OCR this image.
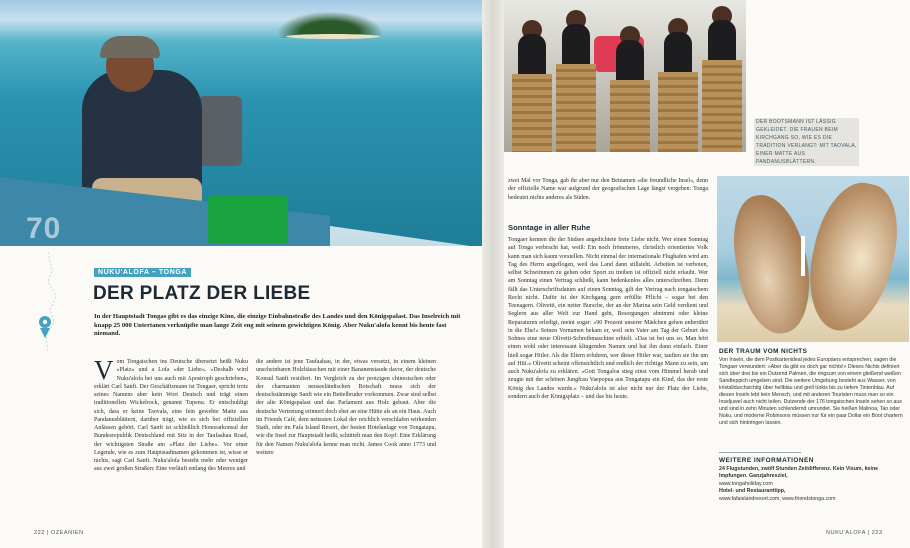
70
DER BOOTSMANN IST LÄSSIG GEKLEIDET. DIE FRAUEN BEIM KIRCHGANG SO, WIE ES DIE TRADITION VERLANGT: MIT TAOVALA, EINER MATTE AUS PANDANUSBLÄTTERN.
NUKU'ALOFA – TONGA
DER PLATZ DER LIEBE
In der Hauptstadt Tongas gibt es das einzige Kino, die einzige Einbahnstraße des Landes und den Königspalast. Das Inselreich mit knapp 25 000 Untertanen verknüpfte man lange Zeit eng mit seinem gewichtigen König. Aber Nuku'alofa kennt bis heute fast niemand.

Vom Tongaischen ins Deutsche übersetzt heißt Nuku »Platz« und a Lofa »der Liebe«. »Deshalb wird Nuku'alofa bei uns auch mit Apostroph geschrieben«, erklärt Carl Sanft. Der Geschäftsmann ist Tongaer, spricht trotz seines Namens aber kein Wort Deutsch und trägt einen traditionellen Wickelrock, genannt Tupenu. Er entschuldigt sich, dass er keine Taovala, eine fein gewebte Matte aus Pandanusblättern, darüber trägt, wie es sich bei offiziellen Anlässen gehört. Carl Sanft ist schließlich Honorarkonsul der Bundesrepublik Deutschland mit Sitz in der Taufaahau Road, der wichtigsten Straße am »Platz der Liebe«. Vor einer Legende, wie es zum Hauptstadtnamen gekommen ist, wisse er nichts, sagt Carl Sanft. Nuku'alofa besteht mehr oder weniger aus zwei großen Straßen: Eine verläuft entlang des Meeres und

die andere ist jene Taufaahau, in der, etwas versetzt, in einem kleinen unscheinbaren Holzhäuschen mit einer Bananenstaude davor, der deutsche Konsul Sanft residiert. Im Vergleich zu der protzigen chinesischen oder der charmanten neuseeländischen Botschaft muss sich der deutschstämmige Sanft wie ein Bettelbruder vorkommen. Zwar sind selbst der alte Königspalast und das Parlament aus Holz gebaut. Aber die deutsche Vertretung erinnert doch eher an eine Hütte als an ein Haus. Auch im Friends Café, dem nettesten Lokal der reichlich verschlafen wirkenden Stadt, oder im Fafa Island Resort, der besten Hotelanlage von Tongatapu, wie die Insel zur Hauptstadt heißt, schüttelt man den Kopf: Eine Erklärung für den Namen Nuku'alofa kenne man nicht. James Cook anno 1773 und weitere

zwei Mal vor Tonga, gab ihr aber nur den Beinamen »die freundliche Insel«, denn der offizielle Name war aufgrund der geografischen Lage längst vergeben: Tonga bedeutet nichts anderes als Süden.

Sonntage in aller Ruhe

Tongaer kennen die der Südsee angedichtete freie Liebe nicht. Wer einen Sonntag auf Tonga verbracht hat, weiß: Ein noch frömmeres, christlich orientiertes Volk kann man sich kaum vorstellen. Nicht einmal der internationale Flughafen wird am Tag des Herrn angeflogen, weil das Land dann stillsteht. Arbeiten ist verboten, selbst Schwimmen zu gehen oder Sport zu treiben ist offiziell nicht erlaubt. Wer am Sonntag einen Vertrag schließt, kann bedenkenlos alles unterschreiben. Denn fällt das Unterschriftsdatum auf einen Sonntag, gilt der Vertrag nach tongaischem Recht nicht. Dafür ist der Kirchgang gern erfüllte Pflicht – sogar bei den Teenagern. Olivetti, ein netter Bursche, der an der Marina sein Geld verdient und Seglern aus aller Welt zur Hand geht, Besorgungen abnimmt oder kleine Reparaturen erledigt, meint sogar: »90 Prozent unserer Mädchen gehen unberührt in die Ehe!« Seinen Vornamen bekam er, weil sein Vater am Tag der Geburt des Sohnes eine neue Olivetti-Schreibmaschine erhielt. »Das ist bei uns so. Man hört einen wohl oder interessant klingenden Namen und hat ihn dann einfach. Einer hieß sogar Hitler. Als die Eltern erfuhren, wer dieser Hitler war, tauften sie ihn um auf Hiti.« Olivetti scheint offensichtlich und endlich der richtige Mann zu sein, um auch Nuku'alofa zu erklären. »Gott Tongaloa stieg einst vom Himmel herab und zeugte mit der schönen Jungfrau Vaepopua aus Tongatapu ein Kind, das der erste König des Landes wurde.« Nuku'alofa ist also nicht nur der Platz der Liebe, sondern auch der Königsplatz – und das bis heute.

DER TRAUM VOM NICHTS
Von Inseln, die dem Postkartenideal jedes Europäers entsprechen, sagen die Tongaer verwundert: »Aber da gibt es doch gar nichts!« Dieses Nichts definiert sich über drei bis ein Dutzend Palmen, die ringsum von einem gleißend weißen Sandteppich umgeben sind. Die weitere Umgebung besteht aus Wasser, von kristalldurchsichtig über hellblau und grell türkis bis zu tiefem Tintenblau. Auf diesen Inseln lebt kein Mensch, und mit anderen Touristen muss man so ein Inseljuwel auch nicht teilen. Dutzende der 176 tongaischen Inseln sehen so aus und sind in zehn Minuten schlendernd umrundet. Sie heißen Malinoa, Tao oder Nuku, und moderne Robinsons müssen nur für ein paar Dollar ein Boot chartern und sich hinbringen lassen.
WEITERE INFORMATIONEN
24 Flugstunden, zwölf Stunden Zeitdifferenz. Kein Visum, keine Impfungen. Ganzjahresziel,
www.tongaholiday.com
Hotel- und Restauranttipp,
www.fafaislandresort.com, www.friendstonga.com
222 | OZEANIEN	NUKU'ALOFA | 223
